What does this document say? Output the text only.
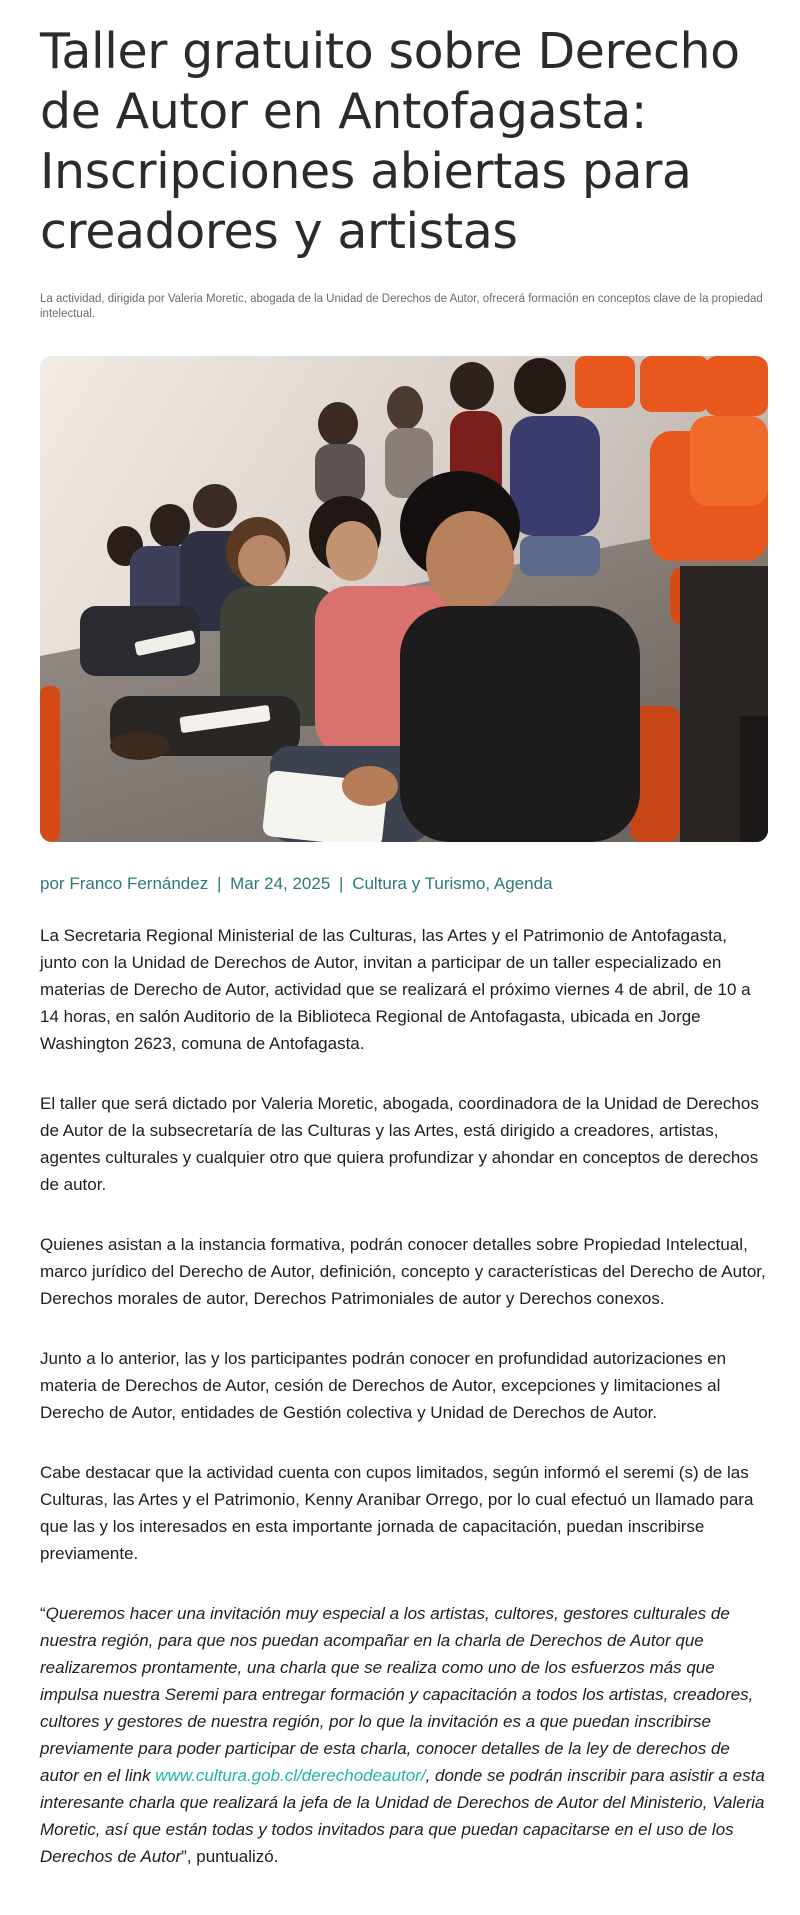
Taller gratuito sobre Derecho de Autor en Antofagasta: Inscripciones abiertas para creadores y artistas

La actividad, dirigida por Valeria Moretic, abogada de la Unidad de Derechos de Autor, ofrecerá formación en conceptos clave de la propiedad intelectual.

por Franco Fernández | Mar 24, 2025 | Cultura y Turismo, Agenda

La Secretaria Regional Ministerial de las Culturas, las Artes y el Patrimonio de Antofagasta, junto con la Unidad de Derechos de Autor, invitan a participar de un taller especializado en materias de Derecho de Autor, actividad que se realizará el próximo viernes 4 de abril, de 10 a 14 horas, en salón Auditorio de la Biblioteca Regional de Antofagasta, ubicada en Jorge Washington 2623, comuna de Antofagasta.

El taller que será dictado por Valeria Moretic, abogada, coordinadora de la Unidad de Derechos de Autor de la subsecretaría de las Culturas y las Artes, está dirigido a creadores, artistas, agentes culturales y cualquier otro que quiera profundizar y ahondar en conceptos de derechos de autor.

Quienes asistan a la instancia formativa, podrán conocer detalles sobre Propiedad Intelectual, marco jurídico del Derecho de Autor, definición, concepto y características del Derecho de Autor, Derechos morales de autor, Derechos Patrimoniales de autor y Derechos conexos.

Junto a lo anterior, las y los participantes podrán conocer en profundidad autorizaciones en materia de Derechos de Autor, cesión de Derechos de Autor, excepciones y limitaciones al Derecho de Autor, entidades de Gestión colectiva y Unidad de Derechos de Autor.

Cabe destacar que la actividad cuenta con cupos limitados, según informó el seremi (s) de las Culturas, las Artes y el Patrimonio, Kenny Aranibar Orrego, por lo cual efectuó un llamado para que las y los interesados en esta importante jornada de capacitación, puedan inscribirse previamente.

“Queremos hacer una invitación muy especial a los artistas, cultores, gestores culturales de nuestra región, para que nos puedan acompañar en la charla de Derechos de Autor que realizaremos prontamente, una charla que se realiza como uno de los esfuerzos más que impulsa nuestra Seremi para entregar formación y capacitación a todos los artistas, creadores, cultores y gestores de nuestra región, por lo que la invitación es a que puedan inscribirse previamente para poder participar de esta charla, conocer detalles de la ley de derechos de autor en el link www.cultura.gob.cl/derechodeautor/, donde se podrán inscribir para asistir a esta interesante charla que realizará la jefa de la Unidad de Derechos de Autor del Ministerio, Valeria Moretic, así que están todas y todos invitados para que puedan capacitarse en el uso de los Derechos de Autor”, puntualizó.
